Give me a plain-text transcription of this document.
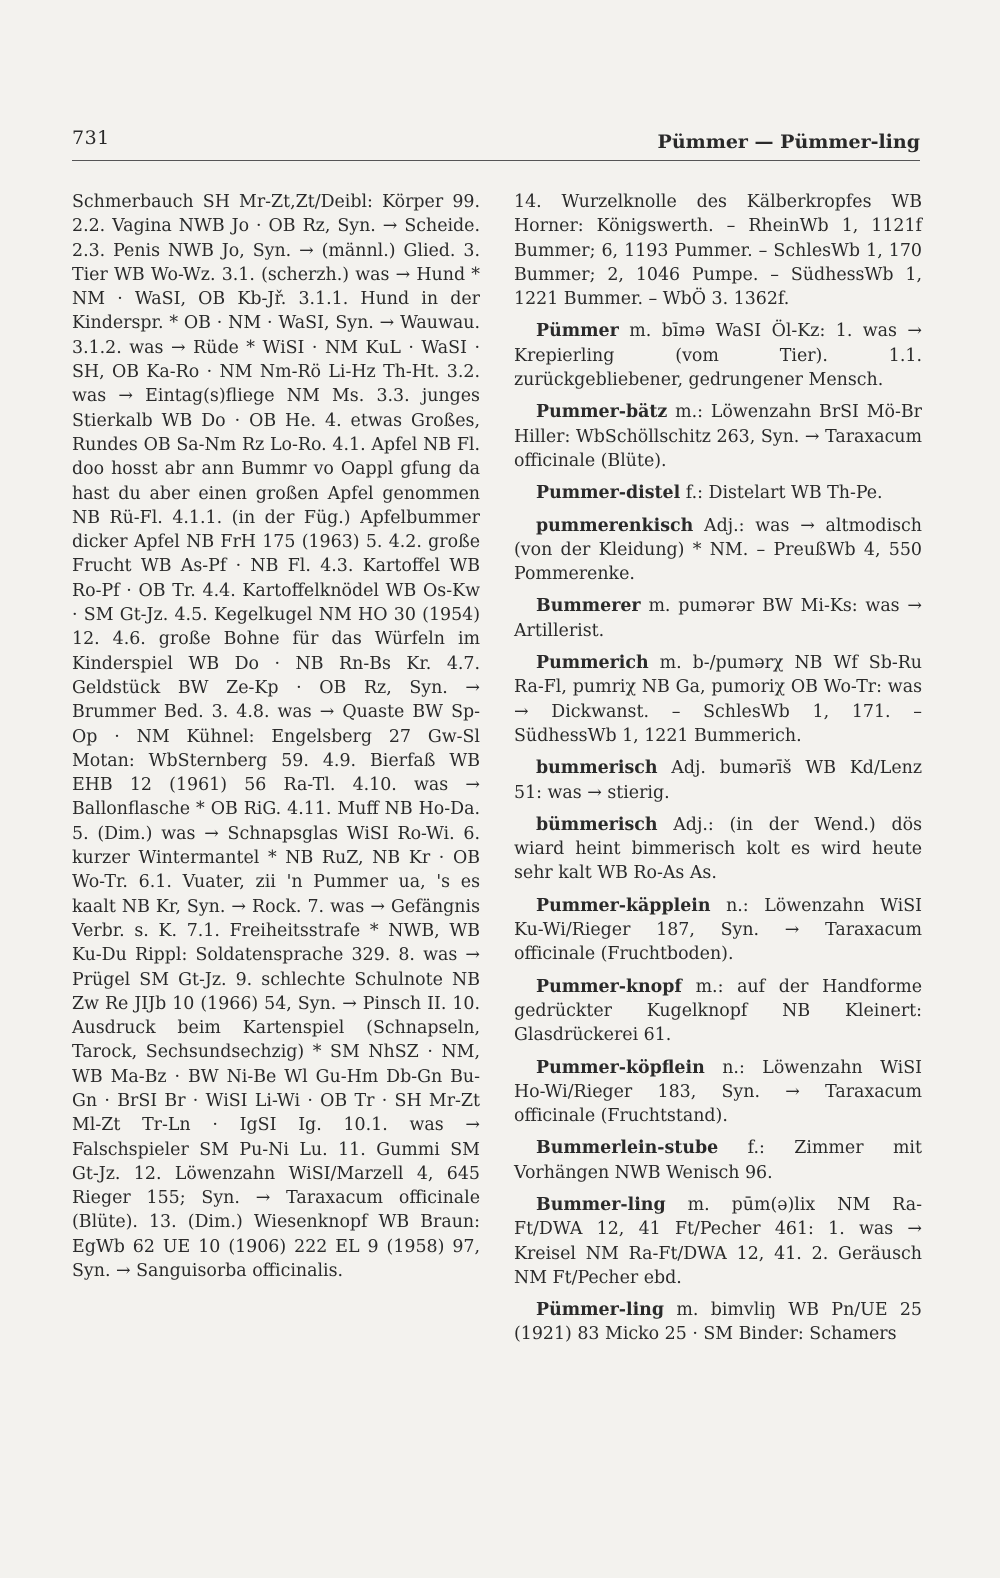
731	Pümmer — Pümmer-ling

Schmerbauch SH Mr-Zt,Zt/Deibl: Körper 99. 2.2. Vagina NWB Jo · OB Rz, Syn. → Scheide. 2.3. Penis NWB Jo, Syn. → (männl.) Glied. 3. Tier WB Wo-Wz. 3.1. (scherzh.) was → Hund * NM · WaSI, OB Kb-Jř. 3.1.1. Hund in der Kinderspr. * OB · NM · WaSI, Syn. → Wauwau. 3.1.2. was → Rüde * WiSI · NM KuL · WaSI · SH, OB Ka-Ro · NM Nm-Rö Li-Hz Th-Ht. 3.2. was → Eintag(s)fliege NM Ms. 3.3. junges Stierkalb WB Do · OB He. 4. etwas Großes, Rundes OB Sa-Nm Rz Lo-Ro. 4.1. Apfel NB Fl. doo hosst abr ann Bummr vo Oappl gfung da hast du aber einen großen Apfel genommen NB Rü-Fl. 4.1.1. (in der Füg.) Apfelbummer dicker Apfel NB FrH 175 (1963) 5. 4.2. große Frucht WB As-Pf · NB Fl. 4.3. Kartoffel WB Ro-Pf · OB Tr. 4.4. Kartoffelknödel WB Os-Kw · SM Gt-Jz. 4.5. Kegelkugel NM HO 30 (1954) 12. 4.6. große Bohne für das Würfeln im Kinderspiel WB Do · NB Rn-Bs Kr. 4.7. Geldstück BW Ze-Kp · OB Rz, Syn. → Brummer Bed. 3. 4.8. was → Quaste BW Sp-Op · NM Kühnel: Engelsberg 27 Gw-Sl Motan: WbSternberg 59. 4.9. Bierfaß WB EHB 12 (1961) 56 Ra-Tl. 4.10. was → Ballonflasche * OB RiG. 4.11. Muff NB Ho-Da. 5. (Dim.) was → Schnapsglas WiSI Ro-Wi. 6. kurzer Wintermantel * NB RuZ, NB Kr · OB Wo-Tr. 6.1. Vuater, zii 'n Pummer ua, 's es kaalt NB Kr, Syn. → Rock. 7. was → Gefängnis Verbr. s. K. 7.1. Freiheitsstrafe * NWB, WB Ku-Du Rippl: Soldatensprache 329. 8. was → Prügel SM Gt-Jz. 9. schlechte Schulnote NB Zw Re JIJb 10 (1966) 54, Syn. → Pinsch II. 10. Ausdruck beim Kartenspiel (Schnapseln, Tarock, Sechsundsechzig) * SM NhSZ · NM, WB Ma-Bz · BW Ni-Be Wl Gu-Hm Db-Gn Bu-Gn · BrSI Br · WiSI Li-Wi · OB Tr · SH Mr-Zt Ml-Zt Tr-Ln · IgSI Ig. 10.1. was → Falschspieler SM Pu-Ni Lu. 11. Gummi SM Gt-Jz. 12. Löwenzahn WiSI/Marzell 4, 645 Rieger 155; Syn. → Taraxacum officinale (Blüte). 13. (Dim.) Wiesenknopf WB Braun: EgWb 62 UE 10 (1906) 222 EL 9 (1958) 97, Syn. → Sanguisorba officinalis.

14. Wurzelknolle des Kälberkropfes WB Horner: Königswerth. – RheinWb 1, 1121f Bummer; 6, 1193 Pummer. – SchlesWb 1, 170 Bummer; 2, 1046 Pumpe. – SüdhessWb 1, 1221 Bummer. – WbÖ 3. 1362f.

Pümmer m. bīmə WaSI Öl-Kz: 1. was → Krepierling (vom Tier). 1.1. zurückgebliebener, gedrungener Mensch.

Pummer-bätz m.: Löwenzahn BrSI Mö-Br Hiller: WbSchöllschitz 263, Syn. → Taraxacum officinale (Blüte).

Pummer-distel f.: Distelart WB Th-Pe.

pummerenkisch Adj.: was → altmodisch (von der Kleidung) * NM. – PreußWb 4, 550 Pommerenke.

Bummerer m. pumərər BW Mi-Ks: was → Artillerist.

Pummerich m. b-/pumərχ NB Wf Sb-Ru Ra-Fl, pumriχ NB Ga, pumoriχ OB Wo-Tr: was → Dickwanst. – SchlesWb 1, 171. – SüdhessWb 1, 1221 Bummerich.

bummerisch Adj. bumərīš WB Kd/Lenz 51: was → stierig.

bümmerisch Adj.: (in der Wend.) dös wiard heint bimmerisch kolt es wird heute sehr kalt WB Ro-As As.

Pummer-käpplein n.: Löwenzahn WiSI Ku-Wi/Rieger 187, Syn. → Taraxacum officinale (Fruchtboden).

Pummer-knopf m.: auf der Handforme gedrückter Kugelknopf NB Kleinert: Glasdrückerei 61.

Pummer-köpflein n.: Löwenzahn WiSI Ho-Wi/Rieger 183, Syn. → Taraxacum officinale (Fruchtstand).

Bummerlein-stube f.: Zimmer mit Vorhängen NWB Wenisch 96.

Bummer-ling m. pūm(ə)lix NM Ra-Ft/DWA 12, 41 Ft/Pecher 461: 1. was → Kreisel NM Ra-Ft/DWA 12, 41. 2. Geräusch NM Ft/Pecher ebd.

Pümmer-ling m. bimvliŋ WB Pn/UE 25 (1921) 83 Micko 25 · SM Binder: Schamers
